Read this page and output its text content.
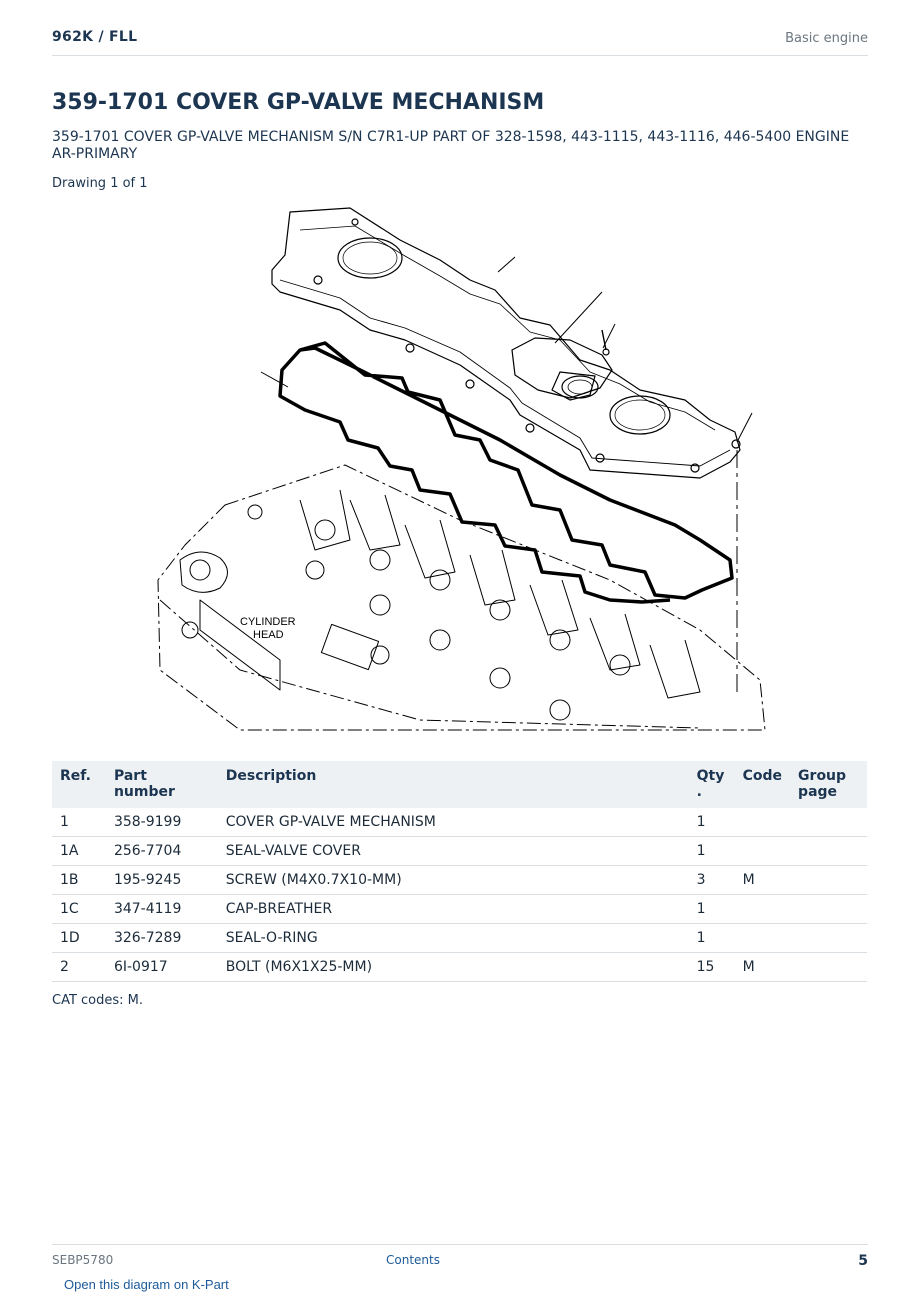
962K / FLL	Basic engine
359-1701 COVER GP-VALVE MECHANISM
359-1701 COVER GP-VALVE MECHANISM S/N C7R1-UP PART OF 328-1598, 443-1115, 443-1116, 446-5400 ENGINE AR-PRIMARY
Drawing 1 of 1
CYLINDER
HEAD
Ref.	Part number	Description	Qty .	Code	Group page
1	358-9199	COVER GP-VALVE MECHANISM	1		
1A	256-7704	SEAL-VALVE COVER	1		
1B	195-9245	SCREW (M4X0.7X10-MM)	3	M	
1C	347-4119	CAP-BREATHER	1		
1D	326-7289	SEAL-O-RING	1		
2	6I-0917	BOLT (M6X1X25-MM)	15	M	
CAT codes: M.
SEBP5780	Contents	5
Open this diagram on K-Part
